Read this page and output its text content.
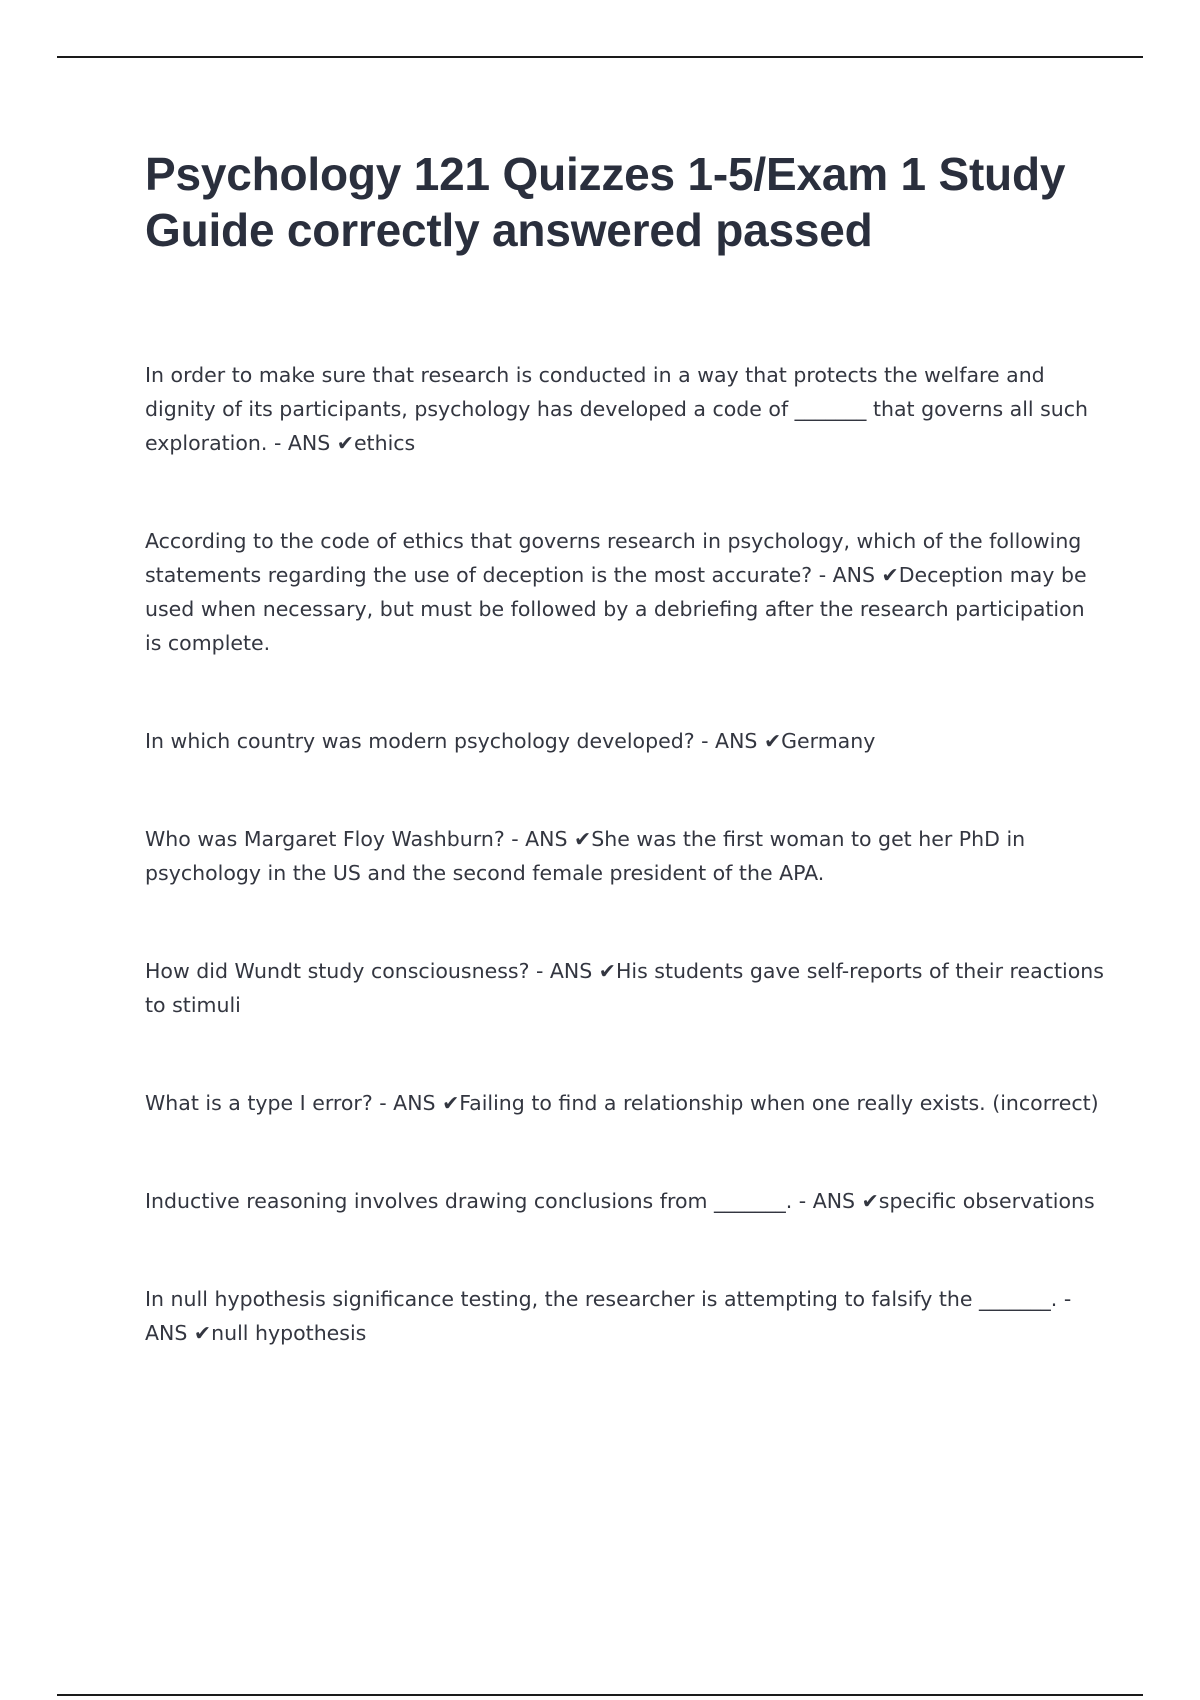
Psychology 121 Quizzes 1-5/Exam 1 Study Guide correctly answered passed

In order to make sure that research is conducted in a way that protects the welfare and dignity of its participants, psychology has developed a code of _______ that governs all such exploration. - ANS ✔ethics

According to the code of ethics that governs research in psychology, which of the following statements regarding the use of deception is the most accurate? - ANS ✔Deception may be used when necessary, but must be followed by a debriefing after the research participation is complete.

In which country was modern psychology developed? - ANS ✔Germany

Who was Margaret Floy Washburn? - ANS ✔She was the first woman to get her PhD in psychology in the US and the second female president of the APA.

How did Wundt study consciousness? - ANS ✔His students gave self-reports of their reactions to stimuli

What is a type I error? - ANS ✔Failing to find a relationship when one really exists. (incorrect)

Inductive reasoning involves drawing conclusions from _______. - ANS ✔specific observations

In null hypothesis significance testing, the researcher is attempting to falsify the _______. - ANS ✔null hypothesis
